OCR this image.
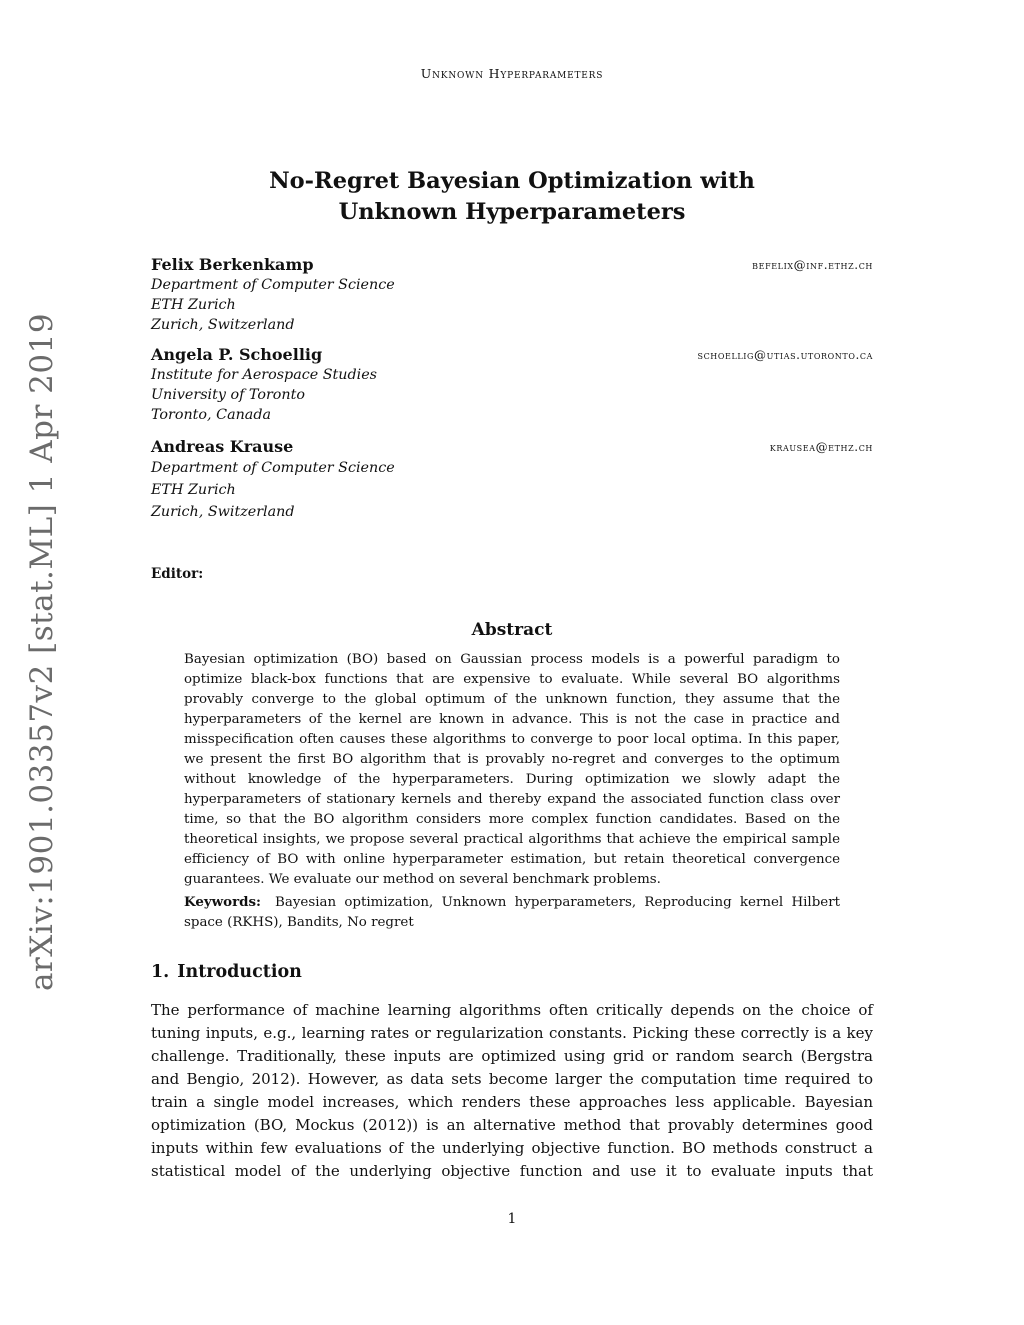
Unknown Hyperparameters
arXiv:1901.03357v2 [stat.ML] 1 Apr 2019
No-Regret Bayesian Optimization with
Unknown Hyperparameters
Felix Berkenkamp	befelix@inf.ethz.ch
Department of Computer Science
ETH Zurich
Zurich, Switzerland
Angela P. Schoellig	schoellig@utias.utoronto.ca
Institute for Aerospace Studies
University of Toronto
Toronto, Canada
Andreas Krause	krausea@ethz.ch
Department of Computer Science
ETH Zurich
Zurich, Switzerland
Editor:
Abstract
Bayesian optimization (BO) based on Gaussian process models is a powerful paradigm to optimize black-box functions that are expensive to evaluate. While several BO algorithms provably converge to the global optimum of the unknown function, they assume that the hyperparameters of the kernel are known in advance. This is not the case in practice and misspecification often causes these algorithms to converge to poor local optima. In this paper, we present the first BO algorithm that is provably no-regret and converges to the optimum without knowledge of the hyperparameters. During optimization we slowly adapt the hyperparameters of stationary kernels and thereby expand the associated function class over time, so that the BO algorithm considers more complex function candidates. Based on the theoretical insights, we propose several practical algorithms that achieve the empirical sample efficiency of BO with online hyperparameter estimation, but retain theoretical convergence guarantees. We evaluate our method on several benchmark problems.
Keywords: Bayesian optimization, Unknown hyperparameters, Reproducing kernel Hilbert space (RKHS), Bandits, No regret
1. Introduction
The performance of machine learning algorithms often critically depends on the choice of tuning inputs, e.g., learning rates or regularization constants. Picking these correctly is a key challenge. Traditionally, these inputs are optimized using grid or random search (Bergstra and Bengio, 2012). However, as data sets become larger the computation time required to train a single model increases, which renders these approaches less applicable. Bayesian optimization (BO, Mockus (2012)) is an alternative method that provably determines good inputs within few evaluations of the underlying objective function. BO methods construct a statistical model of the underlying objective function and use it to evaluate inputs that
1
